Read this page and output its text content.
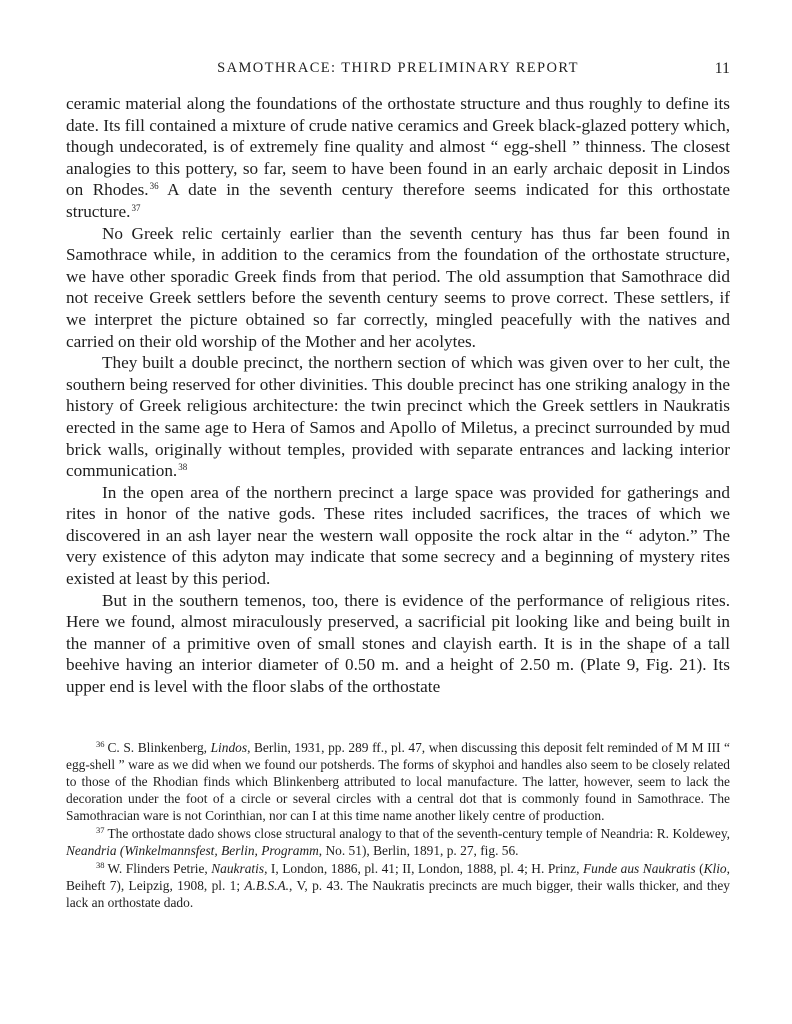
SAMOTHRACE: THIRD PRELIMINARY REPORT	11

ceramic material along the foundations of the orthostate structure and thus roughly to define its date. Its fill contained a mixture of crude native ceramics and Greek black-glazed pottery which, though undecorated, is of extremely fine quality and almost “ egg-shell ” thinness. The closest analogies to this pottery, so far, seem to have been found in an early archaic deposit in Lindos on Rhodes.$^{36}$ A date in the seventh century therefore seems indicated for this orthostate structure.$^{37}$

No Greek relic certainly earlier than the seventh century has thus far been found in Samothrace while, in addition to the ceramics from the foundation of the orthostate structure, we have other sporadic Greek finds from that period. The old assumption that Samothrace did not receive Greek settlers before the seventh century seems to prove correct. These settlers, if we interpret the picture obtained so far correctly, mingled peacefully with the natives and carried on their old worship of the Mother and her acolytes.

They built a double precinct, the northern section of which was given over to her cult, the southern being reserved for other divinities. This double precinct has one striking analogy in the history of Greek religious architecture: the twin precinct which the Greek settlers in Naukratis erected in the same age to Hera of Samos and Apollo of Miletus, a precinct surrounded by mud brick walls, originally without temples, provided with separate entrances and lacking interior communication.$^{38}$

In the open area of the northern precinct a large space was provided for gatherings and rites in honor of the native gods. These rites included sacrifices, the traces of which we discovered in an ash layer near the western wall opposite the rock altar in the “ adyton.” The very existence of this adyton may indicate that some secrecy and a beginning of mystery rites existed at least by this period.

But in the southern temenos, too, there is evidence of the performance of religious rites. Here we found, almost miraculously preserved, a sacrificial pit looking like and being built in the manner of a primitive oven of small stones and clayish earth. It is in the shape of a tall beehive having an interior diameter of 0.50 m. and a height of 2.50 m. (Plate 9, Fig. 21). Its upper end is level with the floor slabs of the orthostate

$^{36}$ C. S. Blinkenberg, Lindos, Berlin, 1931, pp. 289 ff., pl. 47, when discussing this deposit felt reminded of M M III “ egg-shell ” ware as we did when we found our potsherds. The forms of skyphoi and handles also seem to be closely related to those of the Rhodian finds which Blinkenberg attributed to local manufacture. The latter, however, seem to lack the decoration under the foot of a circle or several circles with a central dot that is commonly found in Samothrace. The Samothracian ware is not Corinthian, nor can I at this time name another likely centre of production.

$^{37}$ The orthostate dado shows close structural analogy to that of the seventh-century temple of Neandria: R. Koldewey, Neandria (Winkelmannsfest, Berlin, Programm, No. 51), Berlin, 1891, p. 27, fig. 56.

$^{38}$ W. Flinders Petrie, Naukratis, I, London, 1886, pl. 41; II, London, 1888, pl. 4; H. Prinz, Funde aus Naukratis (Klio, Beiheft 7), Leipzig, 1908, pl. 1; A.B.S.A., V, p. 43. The Naukratis precincts are much bigger, their walls thicker, and they lack an orthostate dado.
